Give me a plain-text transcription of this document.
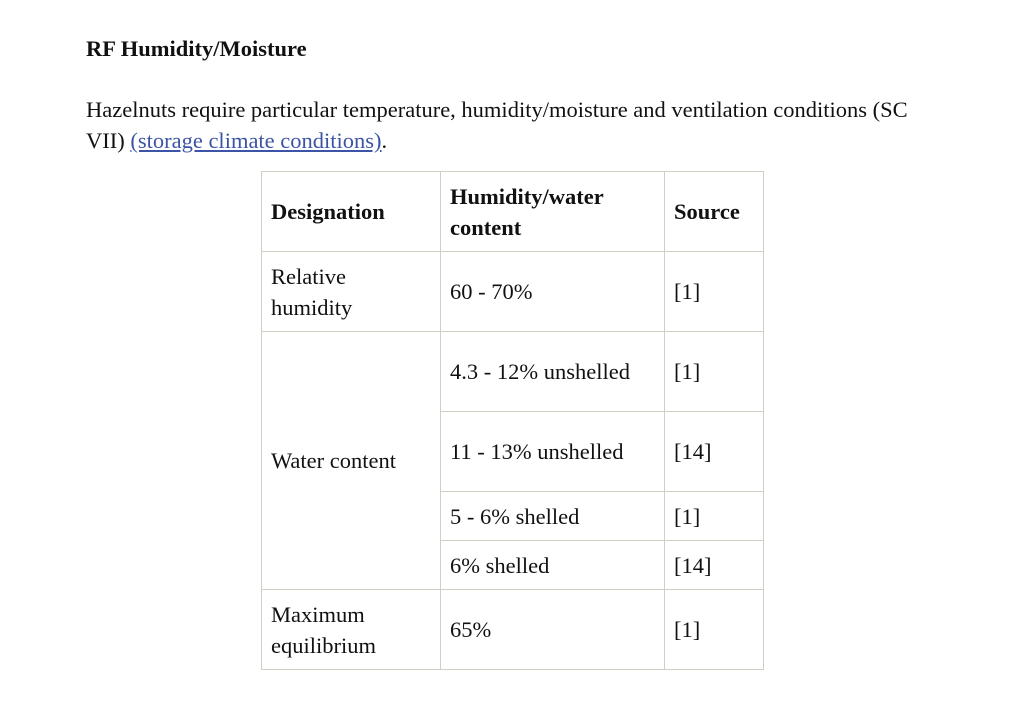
RF Humidity/Moisture

Hazelnuts require particular temperature, humidity/moisture and ventilation conditions (SC VII) (storage climate conditions).

Designation	Humidity/water content	Source
Relative humidity	60 - 70%	[1]
Water content	4.3 - 12% unshelled	[1]
	11 - 13% unshelled	[14]
	5 - 6% shelled	[1]
	6% shelled	[14]
Maximum equilibrium	65%	[1]
